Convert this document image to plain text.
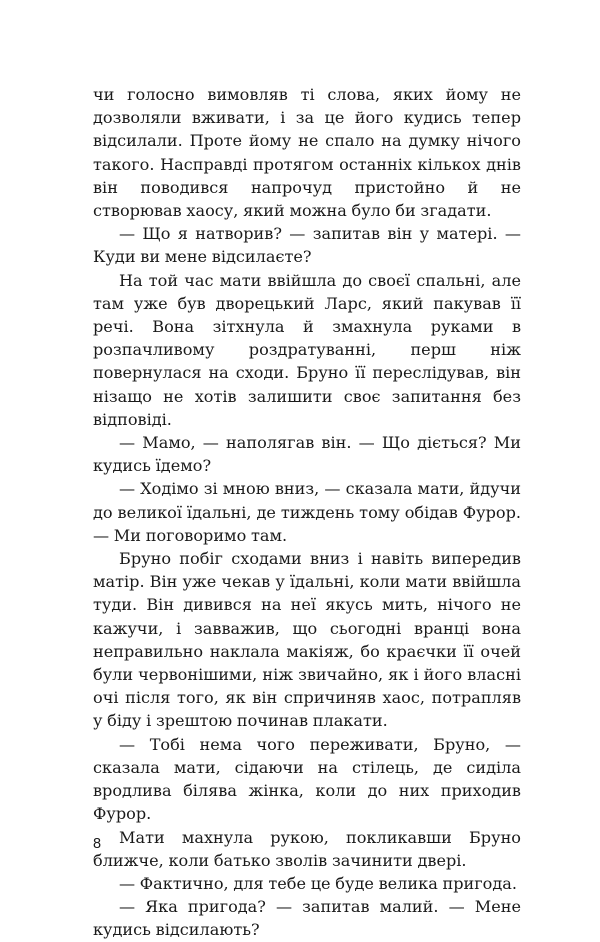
чи голосно вимовляв ті слова, яких йому не дозволяли вживати, і за це його кудись тепер відсилали. Проте йому не спало на думку нічого такого. Насправді протягом останніх кількох днів він поводився напрочуд пристойно й не створював хаосу, який можна було би згадати.

— Що я натворив? — запитав він у матері. — Куди ви мене відсилаєте?

На той час мати ввійшла до своєї спальні, але там уже був дворецький Ларс, який пакував її речі. Вона зітхнула й змахнула руками в розпачливому роздратуванні, перш ніж повернулася на сходи. Бруно її переслідував, він нізащо не хотів залишити своє запитання без відповіді.

— Мамо, — наполягав він. — Що діється? Ми кудись їдемо?

— Ходімо зі мною вниз, — сказала мати, йдучи до великої їдальні, де тиждень тому обідав Фурор. — Ми поговоримо там.

Бруно побіг сходами вниз і навіть випередив матір. Він уже чекав у їдальні, коли мати ввійшла туди. Він дивився на неї якусь мить, нічого не кажучи, і завважив, що сьогодні вранці вона неправильно наклала макіяж, бо краєчки її очей були червонішими, ніж звичайно, як і його власні очі після того, як він спричиняв хаос, потрапляв у біду і зрештою починав плакати.

— Тобі нема чого переживати, Бруно, — сказала мати, сідаючи на стілець, де сиділа вродлива білява жінка, коли до них приходив Фурор.

Мати махнула рукою, покликавши Бруно ближче, коли батько зволів зачинити двері.

— Фактично, для тебе це буде велика пригода.

— Яка пригода? — запитав малий. — Мене кудись відсилають?

8
